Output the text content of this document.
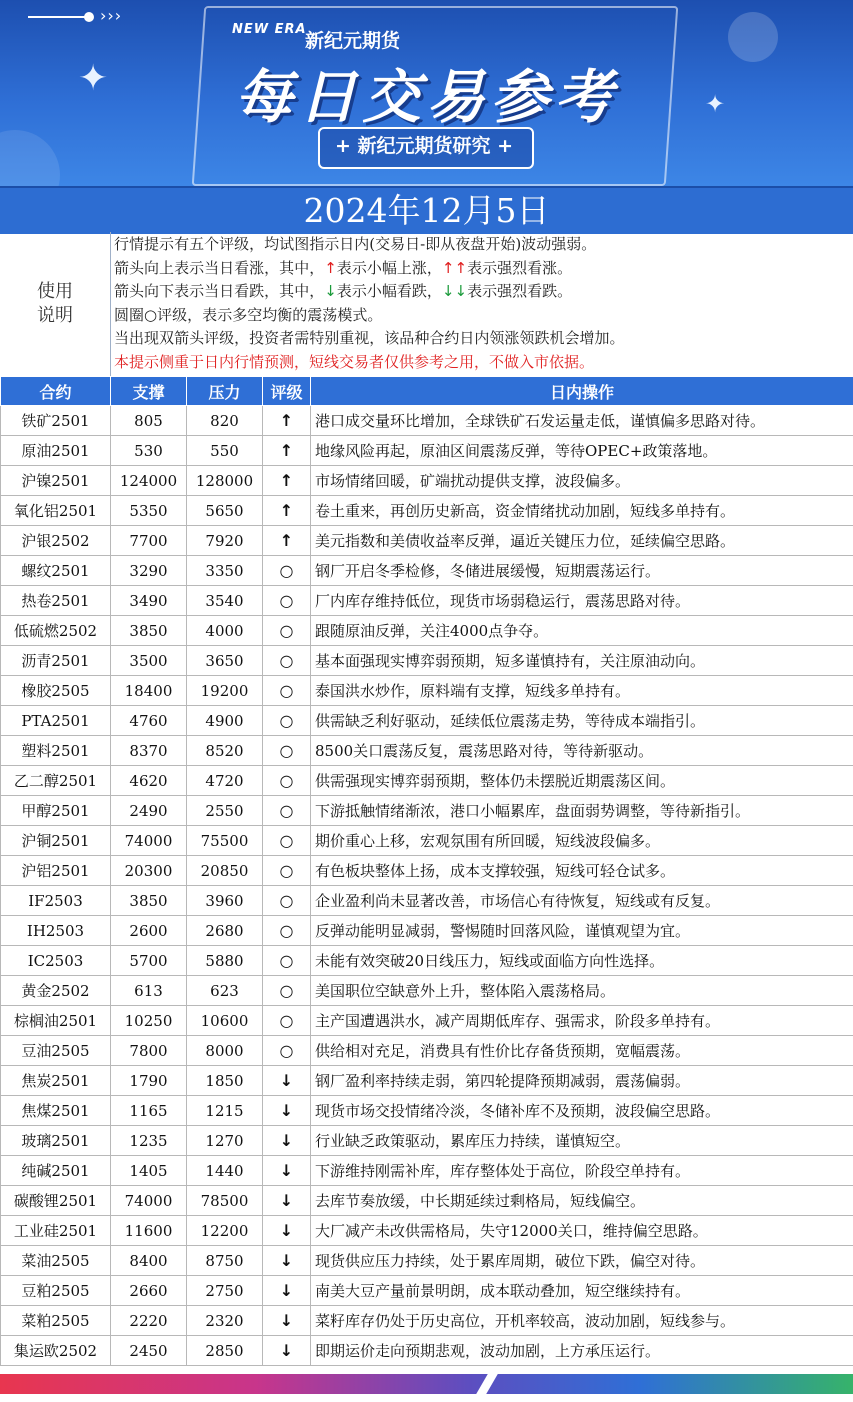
›››
✦
✦
NEW ERA
新纪元期货
每日交易参考
+ 新纪元期货研究 +
2024年12月5日
使用
说明
行情提示有五个评级，均试图指示日内(交易日-即从夜盘开始)波动强弱。
箭头向上表示当日看涨，其中，↑表示小幅上涨，↑↑表示强烈看涨。
箭头向下表示当日看跌，其中，↓表示小幅看跌，↓↓表示强烈看跌。
圆圈○评级，表示多空均衡的震荡模式。
当出现双箭头评级，投资者需特别重视，该品种合约日内领涨领跌机会增加。
本提示侧重于日内行情预测，短线交易者仅供参考之用，不做入市依据。
合约	支撑	压力	评级	日内操作
铁矿2501	805	820	↑	港口成交量环比增加，全球铁矿石发运量走低，谨慎偏多思路对待。
原油2501	530	550	↑	地缘风险再起，原油区间震荡反弹，等待OPEC+政策落地。
沪镍2501	124000	128000	↑	市场情绪回暖，矿端扰动提供支撑，波段偏多。
氧化铝2501	5350	5650	↑	卷土重来，再创历史新高，资金情绪扰动加剧，短线多单持有。
沪银2502	7700	7920	↑	美元指数和美债收益率反弹，逼近关键压力位，延续偏空思路。
螺纹2501	3290	3350	○	钢厂开启冬季检修，冬储进展缓慢，短期震荡运行。
热卷2501	3490	3540	○	厂内库存维持低位，现货市场弱稳运行，震荡思路对待。
低硫燃2502	3850	4000	○	跟随原油反弹，关注4000点争夺。
沥青2501	3500	3650	○	基本面强现实博弈弱预期，短多谨慎持有，关注原油动向。
橡胶2505	18400	19200	○	泰国洪水炒作，原料端有支撑，短线多单持有。
PTA2501	4760	4900	○	供需缺乏利好驱动，延续低位震荡走势，等待成本端指引。
塑料2501	8370	8520	○	8500关口震荡反复，震荡思路对待，等待新驱动。
乙二醇2501	4620	4720	○	供需强现实博弈弱预期，整体仍未摆脱近期震荡区间。
甲醇2501	2490	2550	○	下游抵触情绪渐浓，港口小幅累库，盘面弱势调整，等待新指引。
沪铜2501	74000	75500	○	期价重心上移，宏观氛围有所回暖，短线波段偏多。
沪铝2501	20300	20850	○	有色板块整体上扬，成本支撑较强，短线可轻仓试多。
IF2503	3850	3960	○	企业盈利尚未显著改善，市场信心有待恢复，短线或有反复。
IH2503	2600	2680	○	反弹动能明显减弱，警惕随时回落风险，谨慎观望为宜。
IC2503	5700	5880	○	未能有效突破20日线压力，短线或面临方向性选择。
黄金2502	613	623	○	美国职位空缺意外上升，整体陷入震荡格局。
棕榈油2501	10250	10600	○	主产国遭遇洪水，减产周期低库存、强需求，阶段多单持有。
豆油2505	7800	8000	○	供给相对充足，消费具有性价比存备货预期，宽幅震荡。
焦炭2501	1790	1850	↓	钢厂盈利率持续走弱，第四轮提降预期减弱，震荡偏弱。
焦煤2501	1165	1215	↓	现货市场交投情绪冷淡，冬储补库不及预期，波段偏空思路。
玻璃2501	1235	1270	↓	行业缺乏政策驱动，累库压力持续，谨慎短空。
纯碱2501	1405	1440	↓	下游维持刚需补库，库存整体处于高位，阶段空单持有。
碳酸锂2501	74000	78500	↓	去库节奏放缓，中长期延续过剩格局，短线偏空。
工业硅2501	11600	12200	↓	大厂减产未改供需格局，失守12000关口，维持偏空思路。
菜油2505	8400	8750	↓	现货供应压力持续，处于累库周期，破位下跌，偏空对待。
豆粕2505	2660	2750	↓	南美大豆产量前景明朗，成本联动叠加，短空继续持有。
菜粕2505	2220	2320	↓	菜籽库存仍处于历史高位，开机率较高，波动加剧，短线参与。
集运欧2502	2450	2850	↓	即期运价走向预期悲观，波动加剧，上方承压运行。
